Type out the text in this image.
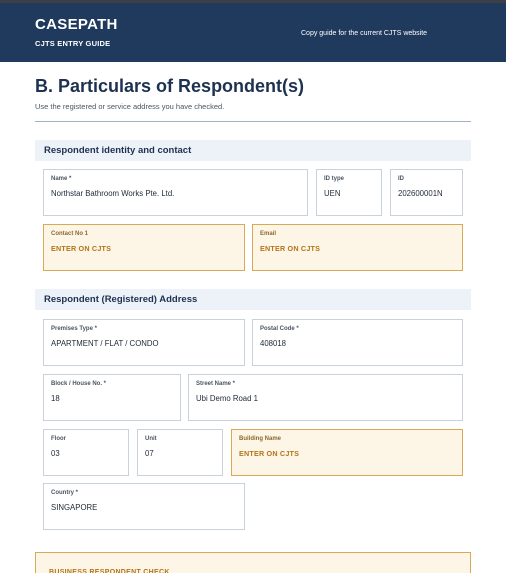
CASEPATH
CJTS ENTRY GUIDE
Copy guide for the current CJTS website
B. Particulars of Respondent(s)
Use the registered or service address you have checked.
Respondent identity and contact
Name *
Northstar Bathroom Works Pte. Ltd.
ID type
UEN
ID
202600001N
Contact No 1
ENTER ON CJTS
Email
ENTER ON CJTS
Respondent (Registered) Address
Premises Type *
APARTMENT / FLAT / CONDO
Postal Code *
408018
Block / House No. *
18
Street Name *
Ubi Demo Road 1
Floor
03
Unit
07
Building Name
ENTER ON CJTS
Country *
SINGAPORE
BUSINESS RESPONDENT CHECK
